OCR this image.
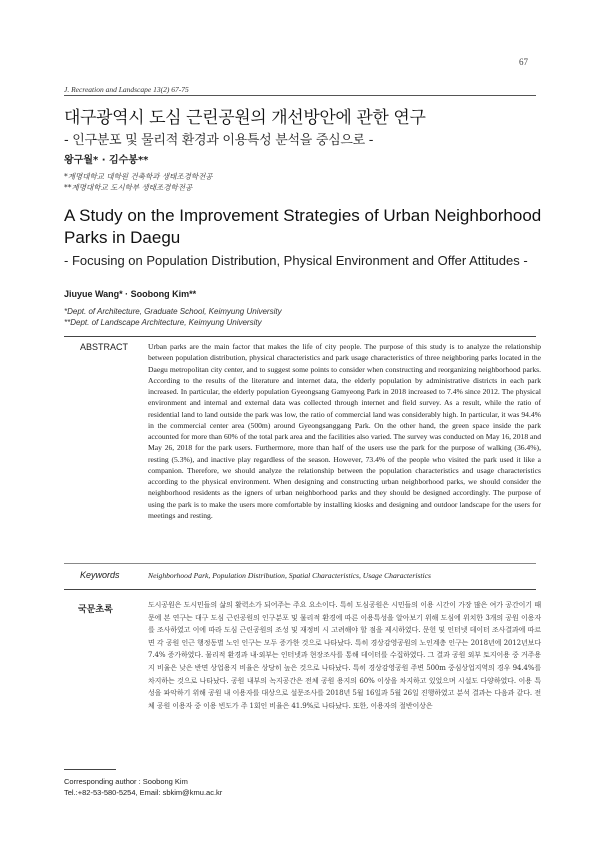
67
J. Recreation and Landscape 13(2) 67-75
대구광역시 도심 근린공원의 개선방안에 관한 연구
- 인구분포 및 물리적 환경과 이용특성 분석을 중심으로 -
왕구월* · 김수봉**
*계명대학교 대학원 건축학과 생태조경학전공
**계명대학교 도시학부 생태조경학전공
A Study on the Improvement Strategies of Urban Neighborhood Parks in Daegu
- Focusing on Population Distribution, Physical Environment and Offer Attitudes -
Jiuyue Wang* · Soobong Kim**
*Dept. of Architecture, Graduate School, Keimyung University
**Dept. of Landscape Architecture, Keimyung University
ABSTRACT	Urban parks are the main factor that makes the life of city people. The purpose of this study is to analyze the relationship between population distribution, physical characteristics and park usage characteristics of three neighboring parks located in the Daegu metropolitan city center, and to suggest some points to consider when constructing and reorganizing neighborhood parks. According to the results of the literature and internet data, the elderly population by administrative districts in each park increased. In particular, the elderly population Gyeongsang Gamyeong Park in 2018 increased to 7.4% since 2012. The physical environment and internal and external data was collected through internet and field survey. As a result, while the ratio of residential land to land outside the park was low, the ratio of commercial land was considerably high. In particular, it was 94.4% in the commercial center area (500m) around Gyeongsanggang Park. On the other hand, the green space inside the park accounted for more than 60% of the total park area and the facilities also varied. The survey was conducted on May 16, 2018 and May 26, 2018 for the park users. Furthermore, more than half of the users use the park for the purpose of walking (36.4%), resting (5.3%), and inactive play regardless of the season. However, 73.4% of the people who visited the park used it like a companion. Therefore, we should analyze the relationship between the population characteristics and usage characteristics according to the physical environment. When designing and constructing urban neighborhood parks, we should consider the neighborhood residents as the igners of urban neighborhood parks and they should be designed accordingly. The purpose of using the park is to make the users more comfortable by installing kiosks and designing and outdoor landscape for the users for meetings and resting.
Keywords	Neighborhood Park, Population Distribution, Spatial Characteristics, Usage Characteristics
국문초록	도시공원은 도시민들의 삶의 활력소가 되어주는 주요 요소이다. 특히 도심공원은 시민들의 이용 시간이 가장 많은 여가 공간이기 때문에 본 연구는 대구 도심 근린공원의 인구분포 및 물리적 환경에 따른 이용특성을 알아보기 위해 도심에 위치한 3개의 공원 이용자를 조사하였고 이에 따라 도심 근린공원의 조성 및 재정비 시 고려해야 할 점을 제시하였다. 문헌 및 인터넷 데이터 조사결과에 따르면 각 공원 인근 행정동별 노인 인구는 모두 증가한 것으로 나타났다. 특히 경상감영공원의 노인계층 인구는 2018년에 2012년보다 7.4% 증가하였다. 물리적 환경과 내·외부는 인터넷과 현장조사를 통해 데이터를 수집하였다. 그 결과 공원 외부 토지이용 중 거주용지 비율은 낮은 반면 상업용지 비율은 상당히 높은 것으로 나타났다. 특히 경상감영공원 주변 500m 중심상업지역의 경우 94.4%를 차지하는 것으로 나타났다. 공원 내부의 녹지공간은 전체 공원 용지의 60% 이상을 차지하고 있었으며 시설도 다양하였다. 이용 특성을 파악하기 위해 공원 내 이용자를 대상으로 설문조사를 2018년 5월 16일과 5월 26일 진행하였고 분석 결과는 다음과 같다. 전체 공원 이용자 중 이용 빈도가 주 1회인 비율은 41.9%로 나타났다. 또한, 이용자의 절반이상은
Corresponding author : Soobong Kim
Tel.:+82-53-580-5254, Email: sbkim@kmu.ac.kr
